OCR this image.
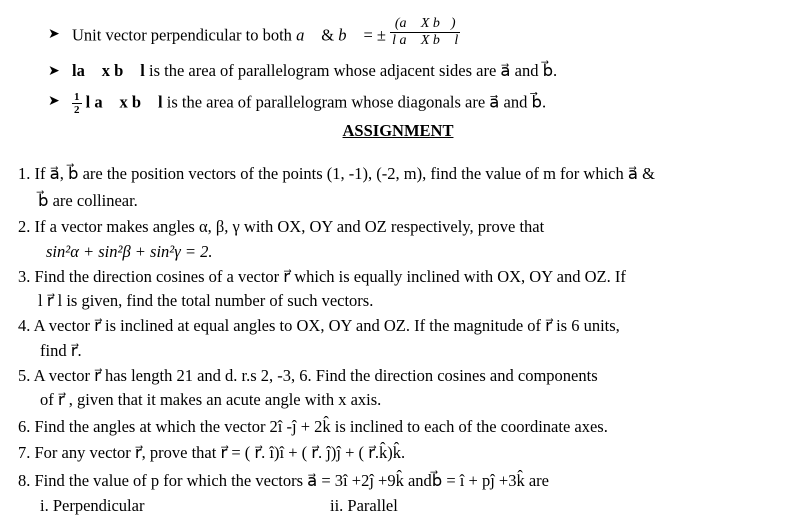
➤ Unit vector perpendicular to both a⃗ & b⃗ = ± $\frac{\text{(a⃗ X b⃗)}}{\text{l a⃗ X b⃗ l}}$
➤ la⃗ x b⃗ l is the area of parallelogram whose adjacent sides are a⃗ and b⃗.
➤ $\frac{1}{2}$ l a⃗ x b⃗ l is the area of parallelogram whose diagonals are a⃗ and b⃗.
ASSIGNMENT
1. If a⃗, b⃗ are the position vectors of the points (1, -1), (-2, m), find the value of m for which a⃗ &
b⃗ are collinear.
2. If a vector makes angles α, β, γ with OX, OY and OZ respectively, prove that
sin²α + sin²β + sin²γ = 2.
3. Find the direction cosines of a vector r⃗ which is equally inclined with OX, OY and OZ. If
l r⃗ l is given, find the total number of such vectors.
4. A vector r⃗ is inclined at equal angles to OX, OY and OZ. If the magnitude of r⃗ is 6 units,
find r⃗.
5. A vector r⃗ has length 21 and d. r.s 2, -3, 6. Find the direction cosines and components
of r⃗ , given that it makes an acute angle with x axis.
6. Find the angles at which the vector 2î -ĵ + 2k̂ is inclined to each of the coordinate axes.
7. For any vector r⃗, prove that r⃗ = ( r⃗. î)î + ( r⃗. ĵ)ĵ + ( r⃗.k̂)k̂.
8. Find the value of p for which the vectors a⃗ = 3î +2ĵ +9k̂ andb⃗ = î + pĵ +3k̂ are
i. Perpendicular	ii. Parallel
